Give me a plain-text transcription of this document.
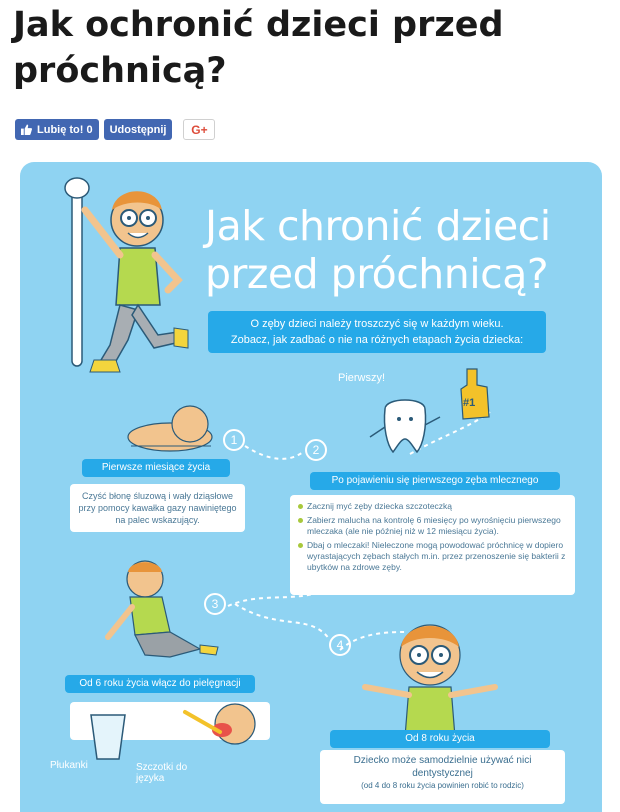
Jak ochronić dzieci przed próchnicą?
Lubię to! 0 Udostępnij G+
Jak chronić dzieci przed próchnicą?
O zęby dzieci należy troszczyć się w każdym wieku.
Zobacz, jak zadbać o nie na różnych etapach życia dziecka:
Pierwszy!
#1
1
2
3
4
Pierwsze miesiące życia
Czyść błonę śluzową i wały dziąsłowe przy pomocy kawałka gazy nawiniętego na palec wskazujący.
Po pojawieniu się pierwszego zęba mlecznego
Zacznij myć zęby dziecka szczoteczką
Zabierz malucha na kontrolę 6 miesięcy po wyrośnięciu pierwszego mleczaka (ale nie później niż w 12 miesiącu życia).
Dbaj o mleczaki! Nieleczone mogą powodować próchnicę w dopiero wyrastających zębach stałych m.in. przez przenoszenie się bakterii z ubytków na zdrowe zęby.
Od 6 roku życia włącz do pielęgnacji
Płukanki	Szczotki do języka
Od 8 roku życia
Dziecko może samodzielnie używać nici dentystycznej
(od 4 do 8 roku życia powinien robić to rodzic)
